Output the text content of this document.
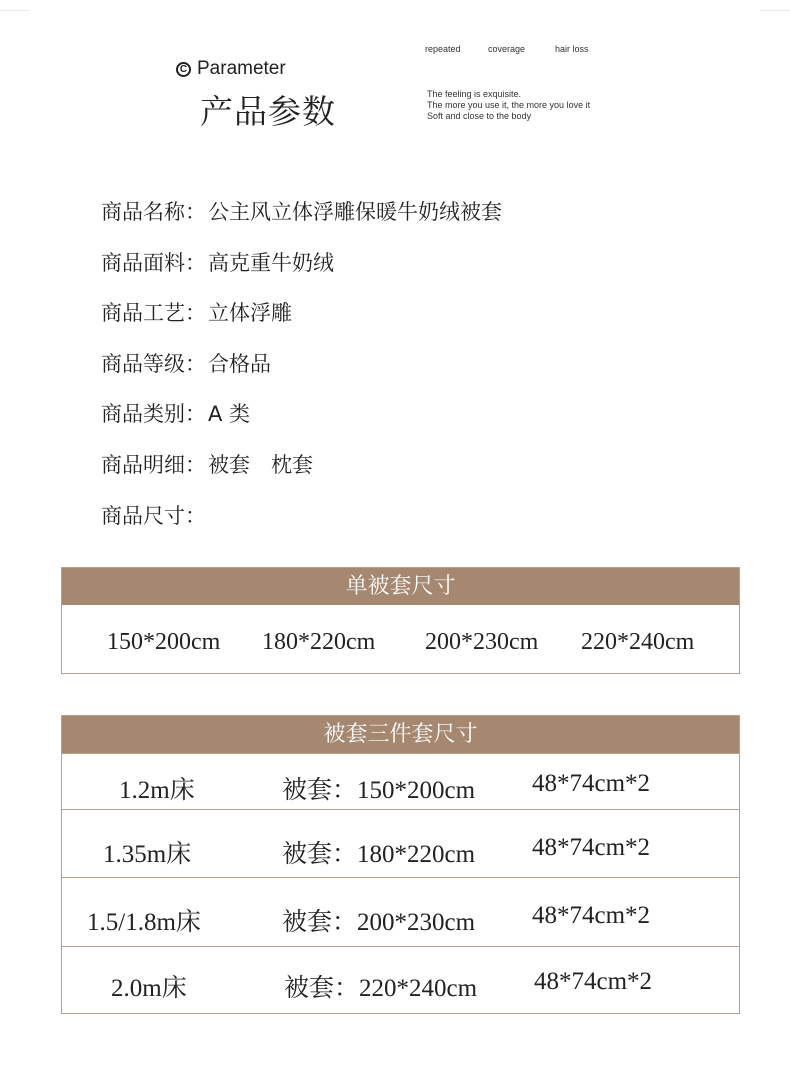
C Parameter
产品参数
repeated	coverage	hair loss
The feeling is exquisite.
The more you use it, the more you love it
Soft and close to the body
商品名称： 公主风立体浮雕保暖牛奶绒被套
商品面料： 高克重牛奶绒
商品工艺： 立体浮雕
商品等级： 合格品
商品类别： A 类
商品明细： 被套　枕套
商品尺寸：
单被套尺寸
150*200cm 180*220cm 200*230cm 220*240cm
被套三件套尺寸
1.2m床	被套：150*200cm 48*74cm*2
1.35m床	被套：180*220cm 48*74cm*2
1.5/1.8m床	被套：200*230cm 48*74cm*2
2.0m床	被套：220*240cm 48*74cm*2
